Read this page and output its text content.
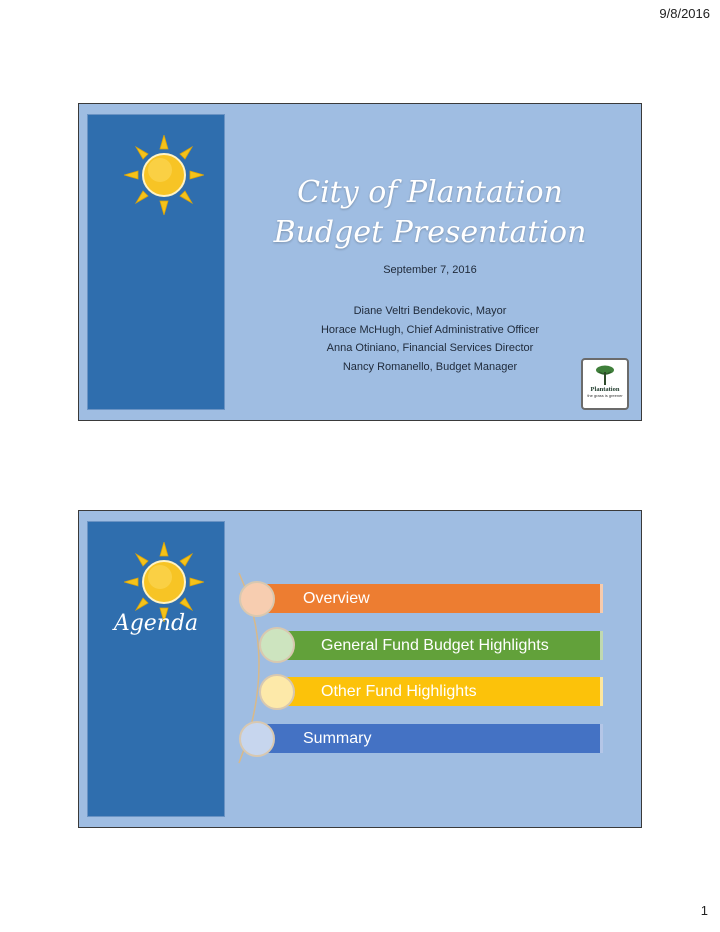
9/8/2016
City of Plantation
Budget Presentation
September 7, 2016
Diane Veltri Bendekovic, Mayor
Horace McHugh, Chief Administrative Officer
Anna Otiniano, Financial Services Director
Nancy Romanello, Budget Manager
Plantation
the grass is greener
Agenda
Overview
General Fund Budget Highlights
Other Fund Highlights
Summary
1
